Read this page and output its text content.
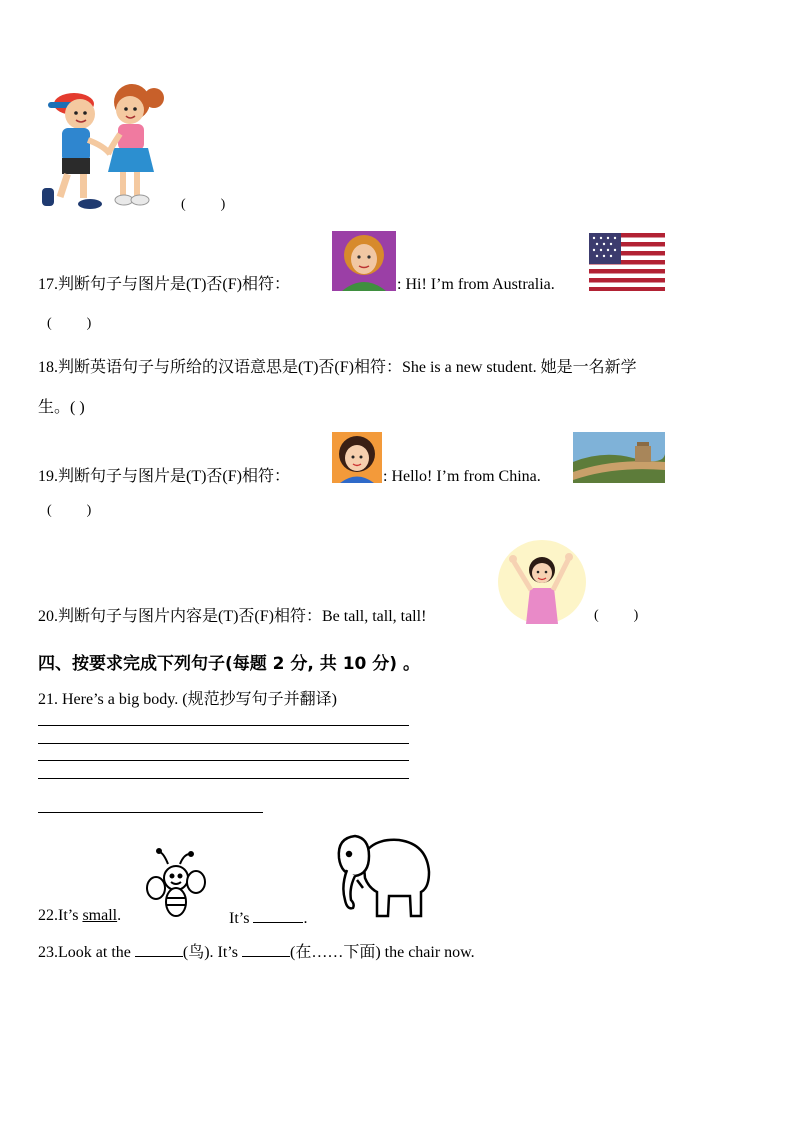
(          )
17.判断句子与图片是(T)否(F)相符：	: Hi! I’m from Australia.
(          )
18.判断英语句子与所给的汉语意思是(T)否(F)相符：She is a new student. 她是一名新学
生。( )
19.判断句子与图片是(T)否(F)相符：	: Hello! I’m from China.
(          )
20.判断句子与图片内容是(T)否(F)相符：Be tall, tall, tall!	(          )
四、按要求完成下列句子(每题 2 分, 共 10 分) 。
21. Here’s a big body. (规范抄写句子并翻译)
22.It’s small.	It’s	.
23.Look at the	(鸟). It’s	(在……下面) the chair now.
